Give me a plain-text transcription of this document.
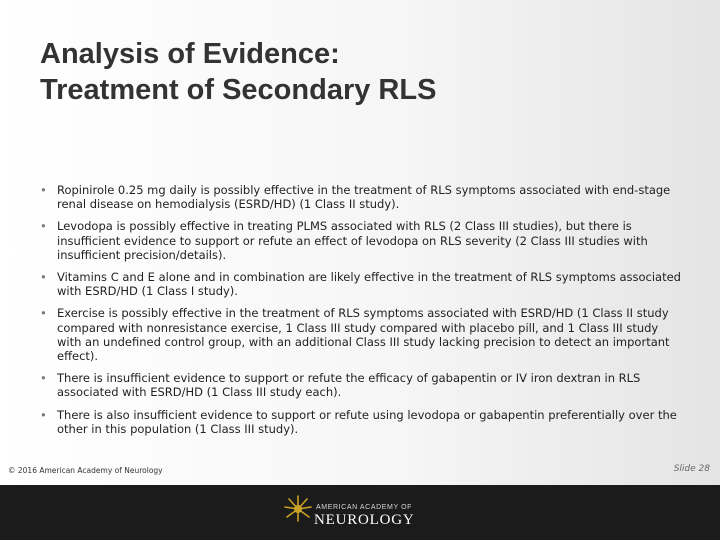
Analysis of Evidence:
Treatment of Secondary RLS
• Ropinirole 0.25 mg daily is possibly effective in the treatment of RLS symptoms associated with end-stage renal disease on hemodialysis (ESRD/HD) (1 Class II study).
• Levodopa is possibly effective in treating PLMS associated with RLS (2 Class III studies), but there is insufficient evidence to support or refute an effect of levodopa on RLS severity (2 Class III studies with insufficient precision/details).
• Vitamins C and E alone and in combination are likely effective in the treatment of RLS symptoms associated with ESRD/HD (1 Class I study).
• Exercise is possibly effective in the treatment of RLS symptoms associated with ESRD/HD (1 Class II study compared with nonresistance exercise, 1 Class III study compared with placebo pill, and 1 Class III study with an undefined control group, with an additional Class III study lacking precision to detect an important effect).
• There is insufficient evidence to support or refute the efficacy of gabapentin or IV iron dextran in RLS associated with ESRD/HD (1 Class III study each).
• There is also insufficient evidence to support or refute using levodopa or gabapentin preferentially over the other in this population (1 Class III study).
© 2016 American Academy of Neurology	Slide 28
AMERICAN ACADEMY OF
NEUROLOGY
